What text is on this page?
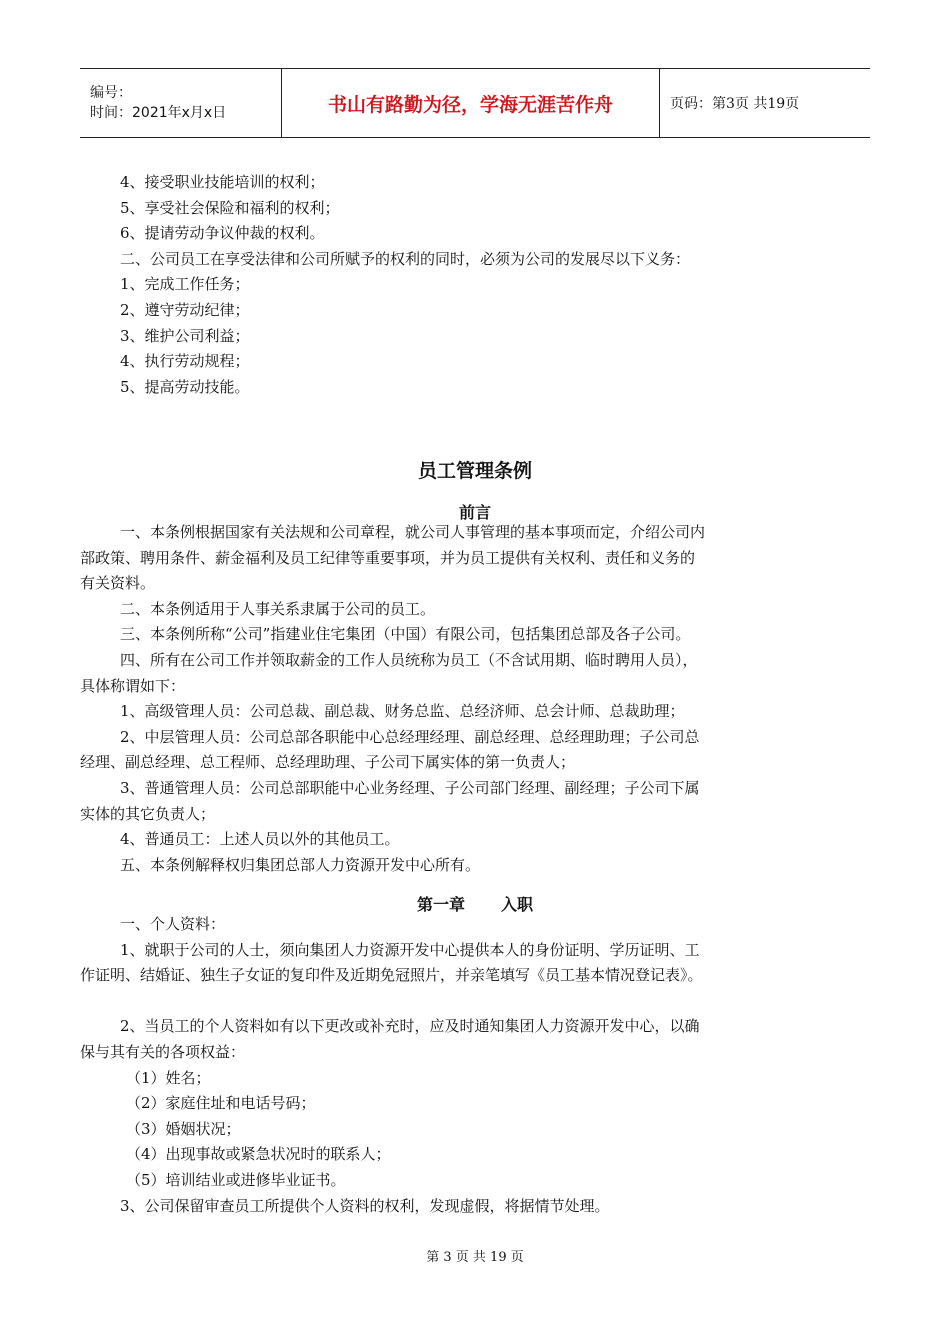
编号：
时间：2021年x月x日	书山有路勤为径，学海无涯苦作舟	页码：第3页 共19页

4、接受职业技能培训的权利；

5、享受社会保险和福利的权利；

6、提请劳动争议仲裁的权利。

二、公司员工在享受法律和公司所赋予的权利的同时，必须为公司的发展尽以下义务：

1、完成工作任务；

2、遵守劳动纪律；

3、维护公司利益；

4、执行劳动规程；

5、提高劳动技能。

员工管理条例
前言

一、本条例根据国家有关法规和公司章程，就公司人事管理的基本事项而定，介绍公司内

部政策、聘用条件、薪金福利及员工纪律等重要事项，并为员工提供有关权利、责任和义务的

有关资料。

二、本条例适用于人事关系隶属于公司的员工。

三、本条例所称“公司”指建业住宅集团（中国）有限公司，包括集团总部及各子公司。

四、所有在公司工作并领取薪金的工作人员统称为员工（不含试用期、临时聘用人员），

具体称谓如下：

1、高级管理人员：公司总裁、副总裁、财务总监、总经济师、总会计师、总裁助理；

2、中层管理人员：公司总部各职能中心总经理经理、副总经理、总经理助理；子公司总

经理、副总经理、总工程师、总经理助理、子公司下属实体的第一负责人；

3、普通管理人员：公司总部职能中心业务经理、子公司部门经理、副经理；子公司下属

实体的其它负责人；

4、普通员工：上述人员以外的其他员工。

五、本条例解释权归集团总部人力资源开发中心所有。

第一章 入职

一、个人资料：

1、就职于公司的人士，须向集团人力资源开发中心提供本人的身份证明、学历证明、工

作证明、结婚证、独生子女证的复印件及近期免冠照片，并亲笔填写《员工基本情况登记表》。

2、当员工的个人资料如有以下更改或补充时，应及时通知集团人力资源开发中心，以确

保与其有关的各项权益：

（1）姓名；

（2）家庭住址和电话号码；

（3）婚姻状况；

（4）出现事故或紧急状况时的联系人；

（5）培训结业或进修毕业证书。

3、公司保留审查员工所提供个人资料的权利，发现虚假，将据情节处理。

第 3 页 共 19 页
